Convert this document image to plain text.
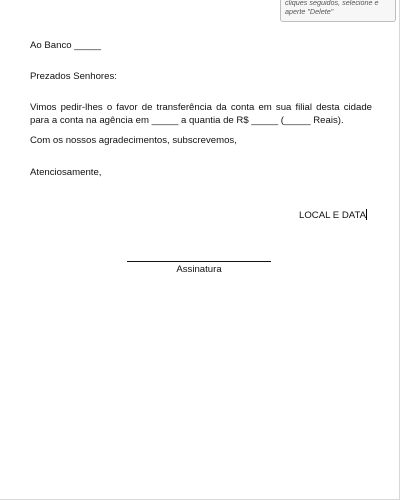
cliques seguidos, selecione e
aperte "Delete"
Ao Banco _____
Prezados Senhores:
Vimos pedir-lhes o favor de transferência da conta em sua filial desta cidade
para a conta na agência em _____ a quantia de R$ _____ (_____ Reais).
Com os nossos agradecimentos, subscrevemos,
Atenciosamente,
LOCAL E DATA
Assinatura
